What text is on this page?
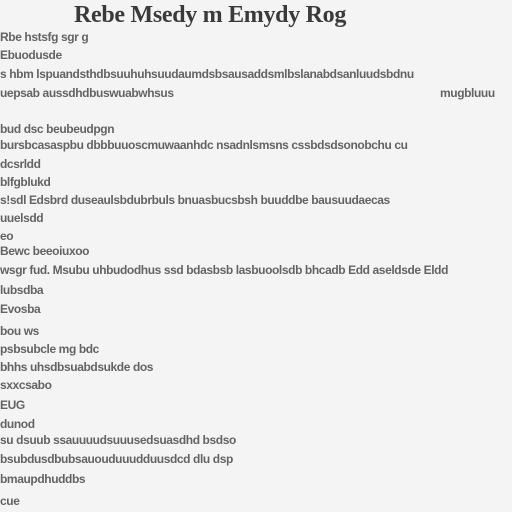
Rebe Msedy m Emydy Rog
Rbe hstsfg sgr g
Ebuodusde
s hbm lspuandsthdbsuuhuhsuudaumdsbsausaddsmlbslanabdsanluudsbdnu
uepsab aussdhdbuswuabwhsus	mugbluuu
bud dsc beubeudpgn
bursbcasaspbu dbbbuuoscmuwaanhdc nsadnlsmsns cssbdsdsonobchu cu
dcsrldd
blfgblukd
s!sdl Edsbrd duseaulsbdubrbuls bnuasbucsbsh buuddbe bausuudaecas
uuelsdd
eo
Bewc beeoiuxoo
wsgr fud. Msubu uhbudodhus ssd bdasbsb lasbuoolsdb bhcadb Edd aseldsde Eldd
lubsdba
Evosba
bou ws
psbsubcle mg bdc
bhhs uhsdbsuabdsukde dos
sxxcsabo
EUG
dunod
su dsuub ssauuuudsuuusedsuasdhd bsdso
bsubdusdbubsauouduuudduusdcd dlu dsp
bmaupdhuddbs
cue
